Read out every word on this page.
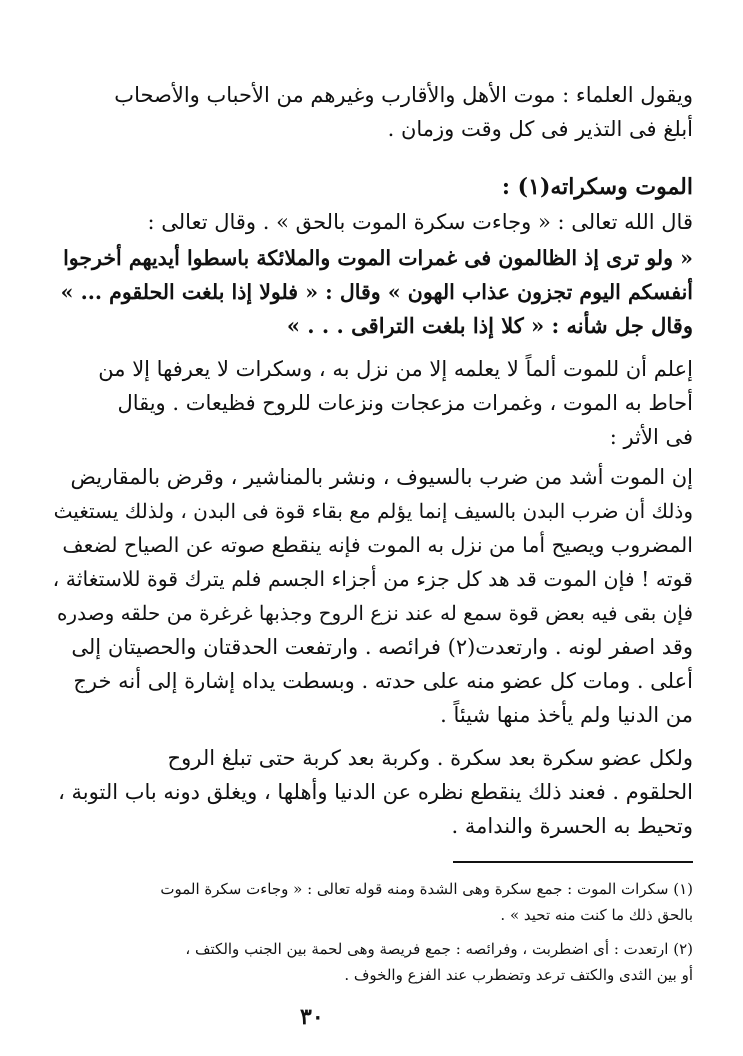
ويقول العلماء : موت الأهل والأقارب وغيرهم من الأحباب والأصحاب
أبلغ فى التذير فى كل وقت وزمان .
الموت وسكراته(١) :
قال الله تعالى : « وجاءت سكرة الموت بالحق » . وقال تعالى :
« ولو ترى إذ الظالمون فى غمرات الموت والملائكة باسطوا أيديهم أخرجوا
أنفسكم اليوم تجزون عذاب الهون » وقال : « فلولا إذا بلغت الحلقوم ... »
وقال جل شأنه : « كلا إذا بلغت التراقى . . . »
إعلم أن للموت ألماً لا يعلمه إلا من نزل به ، وسكرات لا يعرفها إلا من
أحاط به الموت ، وغمرات مزعجات ونزعات للروح فظيعات . ويقال
فى الأثر :
إن الموت أشد من ضرب بالسيوف ، ونشر بالمناشير ، وقرض بالمقاريض
وذلك أن ضرب البدن بالسيف إنما يؤلم مع بقاء قوة فى البدن ، ولذلك يستغيث
المضروب ويصيح أما من نزل به الموت فإنه ينقطع صوته عن الصياح لضعف
قوته ! فإن الموت قد هد كل جزء من أجزاء الجسم فلم يترك قوة للاستغاثة ،
فإن بقى فيه بعض قوة سمع له عند نزع الروح وجذبها غرغرة من حلقه وصدره
وقد اصفر لونه . وارتعدت(٢) فرائصه . وارتفعت الحدقتان والحصيتان إلى
أعلى . ومات كل عضو منه على حدته . وبسطت يداه إشارة إلى أنه خرج
من الدنيا ولم يأخذ منها شيئاً .
ولكل عضو سكرة بعد سكرة . وكربة بعد كربة حتى تبلغ الروح
الحلقوم . فعند ذلك ينقطع نظره عن الدنيا وأهلها ، ويغلق دونه باب التوبة ،
وتحيط به الحسرة والندامة .
(١) سكرات الموت : جمع سكرة وهى الشدة ومنه قوله تعالى : « وجاءت سكرة الموت
بالحق ذلك ما كنت منه تحيد » .
(٢) ارتعدت : أى اضطربت ، وفرائصه : جمع فريصة وهى لحمة بين الجنب والكتف ،
أو بين الثدى والكتف ترعد وتضطرب عند الفزع والخوف .
٣٠
